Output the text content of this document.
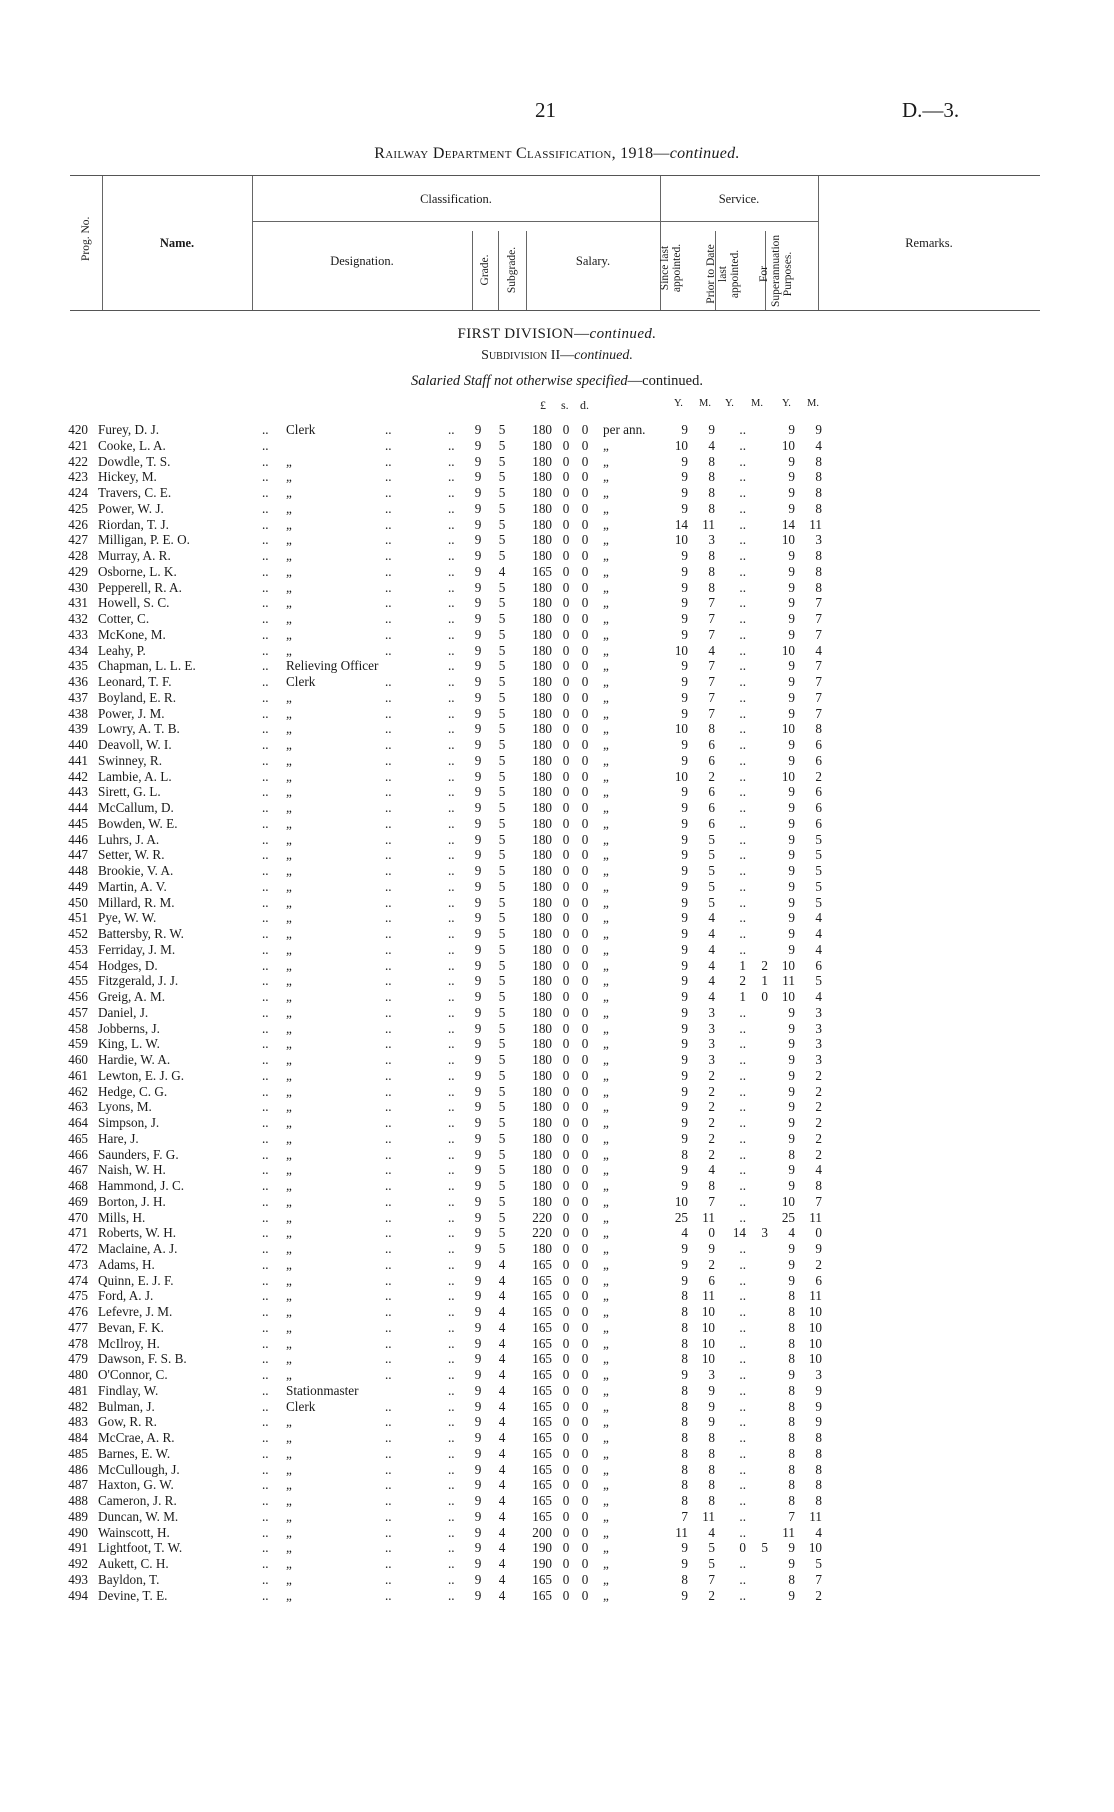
21	D.—3.
Railway Department Classification, 1918—continued.
Prog. No.	Name.
Classification.	Service.
Designation.	Grade. Subgrade.	Salary.	Since last appointed. Prior to Date last appointed. For Superannuation Purposes.
Remarks.
FIRST DIVISION—continued.
Subdivision II—continued.
Salaried Staff not otherwise specified—continued.
£ s. d.	Y. M. Y. M. Y. M.
420 Furey, D. J.	.. Clerk	..	.. 9 5	180 0 0 per ann.	9	9	..	9	9
421 Cooke, L. A.	..	..	.. 9 5	180 0 0 „	10	4	..	10	4
422 Dowdle, T. S.	.. „	..	.. 9 5	180 0 0 „	9	8	..	9	8
423 Hickey, M.	.. „	..	.. 9 5	180 0 0 „	9	8	..	9	8
424 Travers, C. E.	.. „	..	.. 9 5	180 0 0 „	9	8	..	9	8
425 Power, W. J.	.. „	..	.. 9 5	180 0 0 „	9	8	..	9	8
426 Riordan, T. J.	.. „	..	.. 9 5	180 0 0 „	14	11	..	14	11
427 Milligan, P. E. O.	.. „	..	.. 9 5	180 0 0 „	10	3	..	10	3
428 Murray, A. R.	.. „	..	.. 9 5	180 0 0 „	9	8	..	9	8
429 Osborne, L. K.	.. „	..	.. 9 4	165 0 0 „	9	8	..	9	8
430 Pepperell, R. A.	.. „	..	.. 9 5	180 0 0 „	9	8	..	9	8
431 Howell, S. C.	.. „	..	.. 9 5	180 0 0 „	9	7	..	9	7
432 Cotter, C.	.. „	..	.. 9 5	180 0 0 „	9	7	..	9	7
433 McKone, M.	.. „	..	.. 9 5	180 0 0 „	9	7	..	9	7
434 Leahy, P.	.. „	..	.. 9 5	180 0 0 „	10	4	..	10	4
435 Chapman, L. L. E.	.. Relieving Officer	.. 9 5	180 0 0 „	9	7	..	9	7
436 Leonard, T. F.	.. Clerk	..	.. 9 5	180 0 0 „	9	7	..	9	7
437 Boyland, E. R.	.. „	..	.. 9 5	180 0 0 „	9	7	..	9	7
438 Power, J. M.	.. „	..	.. 9 5	180 0 0 „	9	7	..	9	7
439 Lowry, A. T. B.	.. „	..	.. 9 5	180 0 0 „	10	8	..	10	8
440 Deavoll, W. I.	.. „	..	.. 9 5	180 0 0 „	9	6	..	9	6
441 Swinney, R.	.. „	..	.. 9 5	180 0 0 „	9	6	..	9	6
442 Lambie, A. L.	.. „	..	.. 9 5	180 0 0 „	10	2	..	10	2
443 Sirett, G. L.	.. „	..	.. 9 5	180 0 0 „	9	6	..	9	6
444 McCallum, D.	.. „	..	.. 9 5	180 0 0 „	9	6	..	9	6
445 Bowden, W. E.	.. „	..	.. 9 5	180 0 0 „	9	6	..	9	6
446 Luhrs, J. A.	.. „	..	.. 9 5	180 0 0 „	9	5	..	9	5
447 Setter, W. R.	.. „	..	.. 9 5	180 0 0 „	9	5	..	9	5
448 Brookie, V. A.	.. „	..	.. 9 5	180 0 0 „	9	5	..	9	5
449 Martin, A. V.	.. „	..	.. 9 5	180 0 0 „	9	5	..	9	5
450 Millard, R. M.	.. „	..	.. 9 5	180 0 0 „	9	5	..	9	5
451 Pye, W. W.	.. „	..	.. 9 5	180 0 0 „	9	4	..	9	4
452 Battersby, R. W.	.. „	..	.. 9 5	180 0 0 „	9	4	..	9	4
453 Ferriday, J. M.	.. „	..	.. 9 5	180 0 0 „	9	4	..	9	4
454 Hodges, D.	.. „	..	.. 9 5	180 0 0 „	9	4	1	2	10	6
455 Fitzgerald, J. J.	.. „	..	.. 9 5	180 0 0 „	9	4	2	1	11	5
456 Greig, A. M.	.. „	..	.. 9 5	180 0 0 „	9	4	1	0	10	4
457 Daniel, J.	.. „	..	.. 9 5	180 0 0 „	9	3	..	9	3
458 Jobberns, J.	.. „	..	.. 9 5	180 0 0 „	9	3	..	9	3
459 King, L. W.	.. „	..	.. 9 5	180 0 0 „	9	3	..	9	3
460 Hardie, W. A.	.. „	..	.. 9 5	180 0 0 „	9	3	..	9	3
461 Lewton, E. J. G.	.. „	..	.. 9 5	180 0 0 „	9	2	..	9	2
462 Hedge, C. G.	.. „	..	.. 9 5	180 0 0 „	9	2	..	9	2
463 Lyons, M.	.. „	..	.. 9 5	180 0 0 „	9	2	..	9	2
464 Simpson, J.	.. „	..	.. 9 5	180 0 0 „	9	2	..	9	2
465 Hare, J.	.. „	..	.. 9 5	180 0 0 „	9	2	..	9	2
466 Saunders, F. G.	.. „	..	.. 9 5	180 0 0 „	8	2	..	8	2
467 Naish, W. H.	.. „	..	.. 9 5	180 0 0 „	9	4	..	9	4
468 Hammond, J. C.	.. „	..	.. 9 5	180 0 0 „	9	8	..	9	8
469 Borton, J. H.	.. „	..	.. 9 5	180 0 0 „	10	7	..	10	7
470 Mills, H.	.. „	..	.. 9 5	220 0 0 „	25	11	..	25	11
471 Roberts, W. H.	.. „	..	.. 9 5	220 0 0 „	4	0	14	3	4	0
472 Maclaine, A. J.	.. „	..	.. 9 5	180 0 0 „	9	9	..	9	9
473 Adams, H.	.. „	..	.. 9 4	165 0 0 „	9	2	..	9	2
474 Quinn, E. J. F.	.. „	..	.. 9 4	165 0 0 „	9	6	..	9	6
475 Ford, A. J.	.. „	..	.. 9 4	165 0 0 „	8	11	..	8	11
476 Lefevre, J. M.	.. „	..	.. 9 4	165 0 0 „	8	10	..	8	10
477 Bevan, F. K.	.. „	..	.. 9 4	165 0 0 „	8	10	..	8	10
478 McIlroy, H.	.. „	..	.. 9 4	165 0 0 „	8	10	..	8	10
479 Dawson, F. S. B.	.. „	..	.. 9 4	165 0 0 „	8	10	..	8	10
480 O'Connor, C.	.. „	..	.. 9 4	165 0 0 „	9	3	..	9	3
481 Findlay, W.	.. Stationmaster	.. 9 4	165 0 0 „	8	9	..	8	9
482 Bulman, J.	.. Clerk	..	.. 9 4	165 0 0 „	8	9	..	8	9
483 Gow, R. R.	.. „	..	.. 9 4	165 0 0 „	8	9	..	8	9
484 McCrae, A. R.	.. „	..	.. 9 4	165 0 0 „	8	8	..	8	8
485 Barnes, E. W.	.. „	..	.. 9 4	165 0 0 „	8	8	..	8	8
486 McCullough, J.	.. „	..	.. 9 4	165 0 0 „	8	8	..	8	8
487 Haxton, G. W.	.. „	..	.. 9 4	165 0 0 „	8	8	..	8	8
488 Cameron, J. R.	.. „	..	.. 9 4	165 0 0 „	8	8	..	8	8
489 Duncan, W. M.	.. „	..	.. 9 4	165 0 0 „	7	11	..	7	11
490 Wainscott, H.	.. „	..	.. 9 4	200 0 0 „	11	4	..	11	4
491 Lightfoot, T. W.	.. „	..	.. 9 4	190 0 0 „	9	5	0	5	9	10
492 Aukett, C. H.	.. „	..	.. 9 4	190 0 0 „	9	5	..	9	5
493 Bayldon, T.	.. „	..	.. 9 4	165 0 0 „	8	7	..	8	7
494 Devine, T. E.	.. „	..	.. 9 4	165 0 0 „	9	2	..	9	2
